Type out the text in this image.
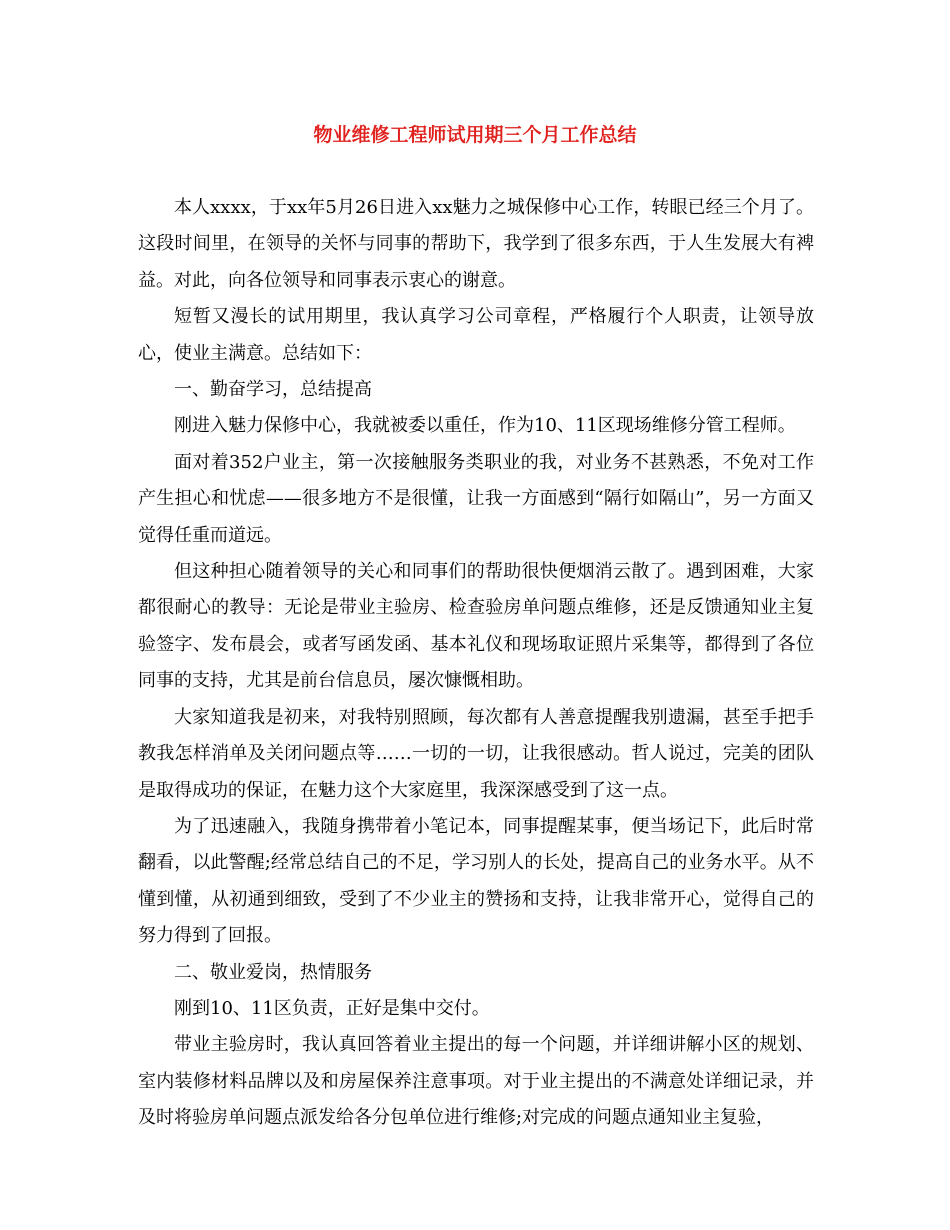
物业维修工程师试用期三个月工作总结

本人xxxx，于xx年5月26日进入xx魅力之城保修中心工作，转眼已经三个月了。这段时间里，在领导的关怀与同事的帮助下，我学到了很多东西，于人生发展大有裨益。对此，向各位领导和同事表示衷心的谢意。

短暂又漫长的试用期里，我认真学习公司章程，严格履行个人职责，让领导放心，使业主满意。总结如下：

一、勤奋学习，总结提高

刚进入魅力保修中心，我就被委以重任，作为10、11区现场维修分管工程师。

面对着352户业主，第一次接触服务类职业的我，对业务不甚熟悉，不免对工作产生担心和忧虑——很多地方不是很懂，让我一方面感到“隔行如隔山”，另一方面又觉得任重而道远。

但这种担心随着领导的关心和同事们的帮助很快便烟消云散了。遇到困难，大家都很耐心的教导：无论是带业主验房、检查验房单问题点维修，还是反馈通知业主复验签字、发布晨会，或者写函发函、基本礼仪和现场取证照片采集等，都得到了各位同事的支持，尤其是前台信息员，屡次慷慨相助。

大家知道我是初来，对我特别照顾，每次都有人善意提醒我别遗漏，甚至手把手教我怎样消单及关闭问题点等……一切的一切，让我很感动。哲人说过，完美的团队是取得成功的保证，在魅力这个大家庭里，我深深感受到了这一点。

为了迅速融入，我随身携带着小笔记本，同事提醒某事，便当场记下，此后时常翻看，以此警醒;经常总结自己的不足，学习别人的长处，提高自己的业务水平。从不懂到懂，从初通到细致，受到了不少业主的赞扬和支持，让我非常开心，觉得自己的努力得到了回报。

二、敬业爱岗，热情服务

刚到10、11区负责，正好是集中交付。

带业主验房时，我认真回答着业主提出的每一个问题，并详细讲解小区的规划、室内装修材料品牌以及和房屋保养注意事项。对于业主提出的不满意处详细记录，并及时将验房单问题点派发给各分包单位进行维修;对完成的问题点通知业主复验，
